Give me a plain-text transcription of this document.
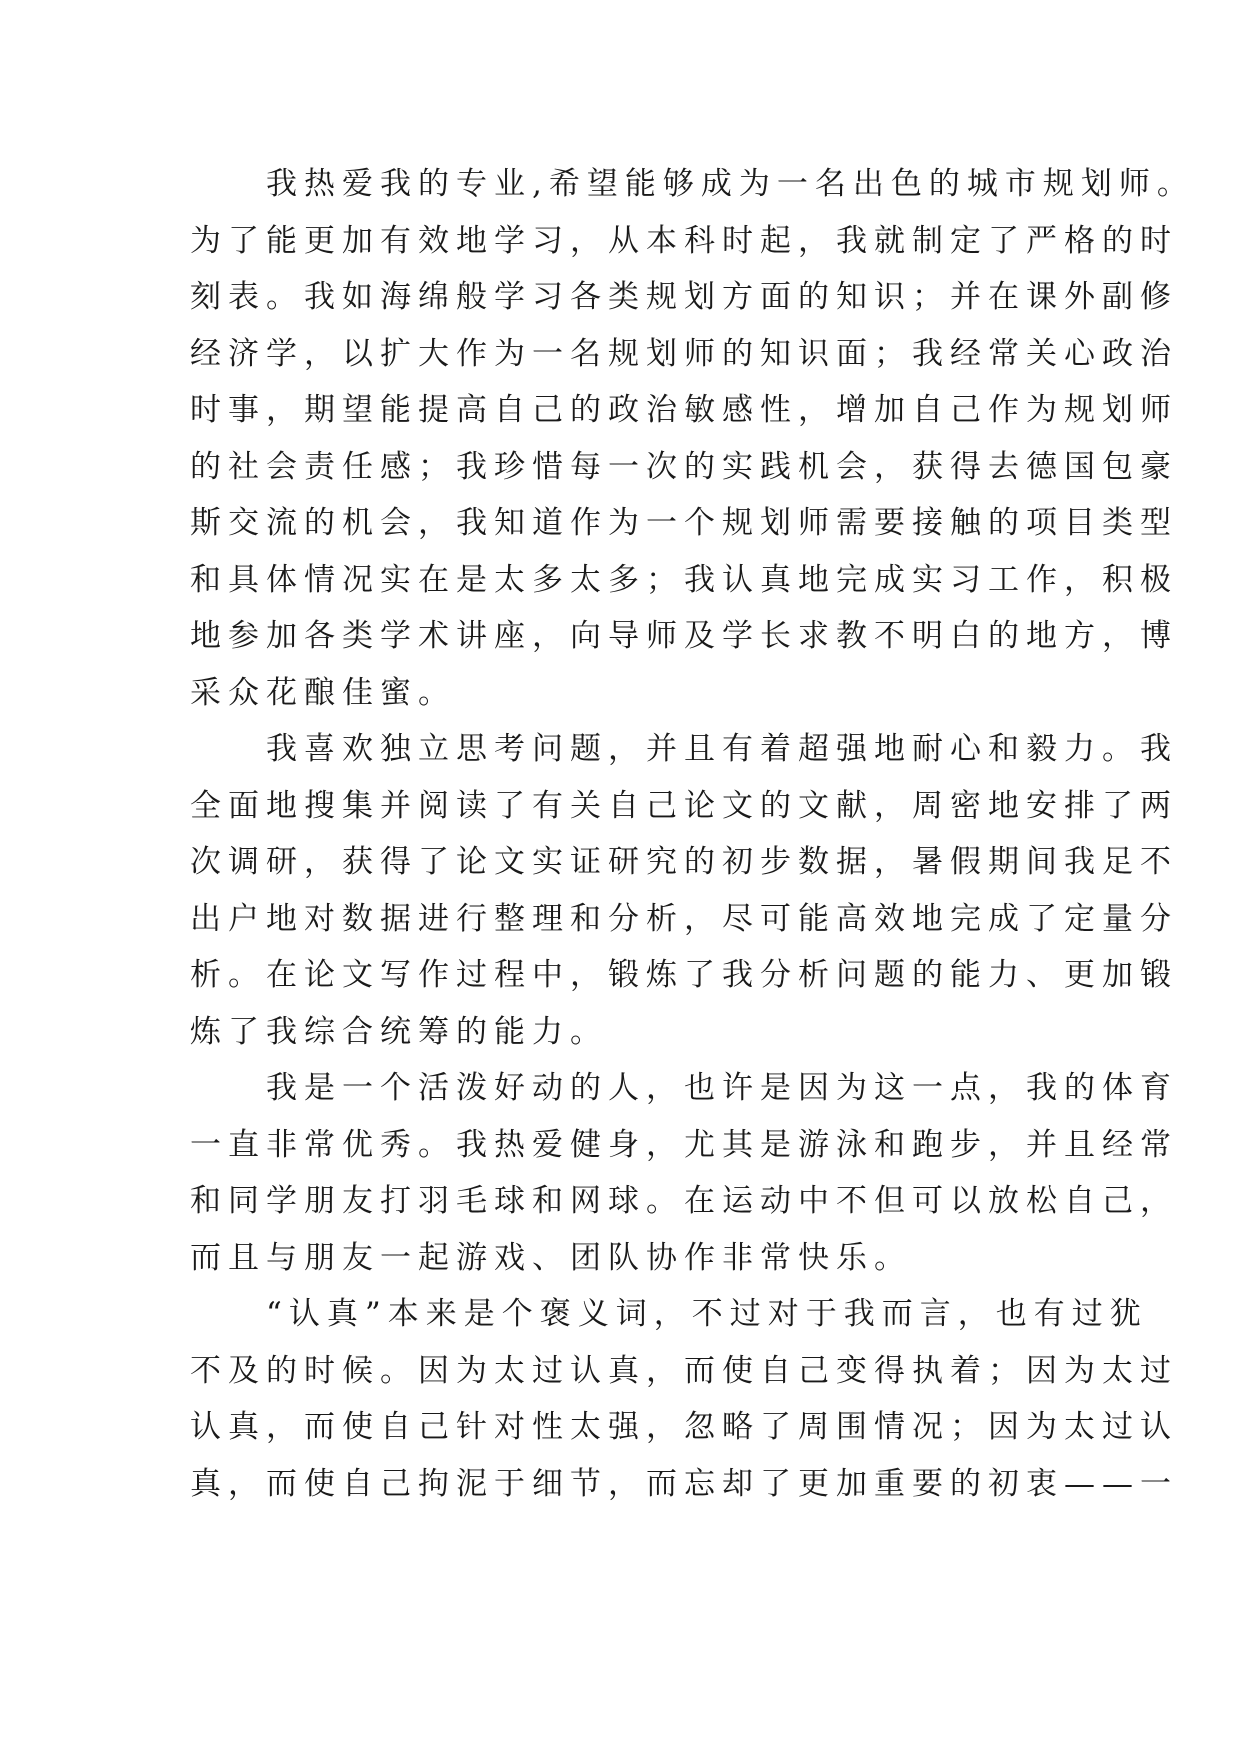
　　我热爱我的专业,希望能够成为一名出色的城市规划师。
为了能更加有效地学习，从本科时起，我就制定了严格的时
刻表。我如海绵般学习各类规划方面的知识；并在课外副修
经济学，以扩大作为一名规划师的知识面；我经常关心政治
时事，期望能提高自己的政治敏感性，增加自己作为规划师
的社会责任感；我珍惜每一次的实践机会，获得去德国包豪
斯交流的机会，我知道作为一个规划师需要接触的项目类型
和具体情况实在是太多太多；我认真地完成实习工作，积极
地参加各类学术讲座，向导师及学长求教不明白的地方，博
采众花酿佳蜜。
　　我喜欢独立思考问题，并且有着超强地耐心和毅力。我
全面地搜集并阅读了有关自己论文的文献，周密地安排了两
次调研，获得了论文实证研究的初步数据，暑假期间我足不
出户地对数据进行整理和分析，尽可能高效地完成了定量分
析。在论文写作过程中，锻炼了我分析问题的能力、更加锻
炼了我综合统筹的能力。
　　我是一个活泼好动的人，也许是因为这一点，我的体育
一直非常优秀。我热爱健身，尤其是游泳和跑步，并且经常
和同学朋友打羽毛球和网球。在运动中不但可以放松自己，
而且与朋友一起游戏、团队协作非常快乐。
　　“认真”本来是个褒义词，不过对于我而言，也有过犹
不及的时候。因为太过认真，而使自己变得执着；因为太过
认真，而使自己针对性太强，忽略了周围情况；因为太过认
真，而使自己拘泥于细节，而忘却了更加重要的初衷——一
